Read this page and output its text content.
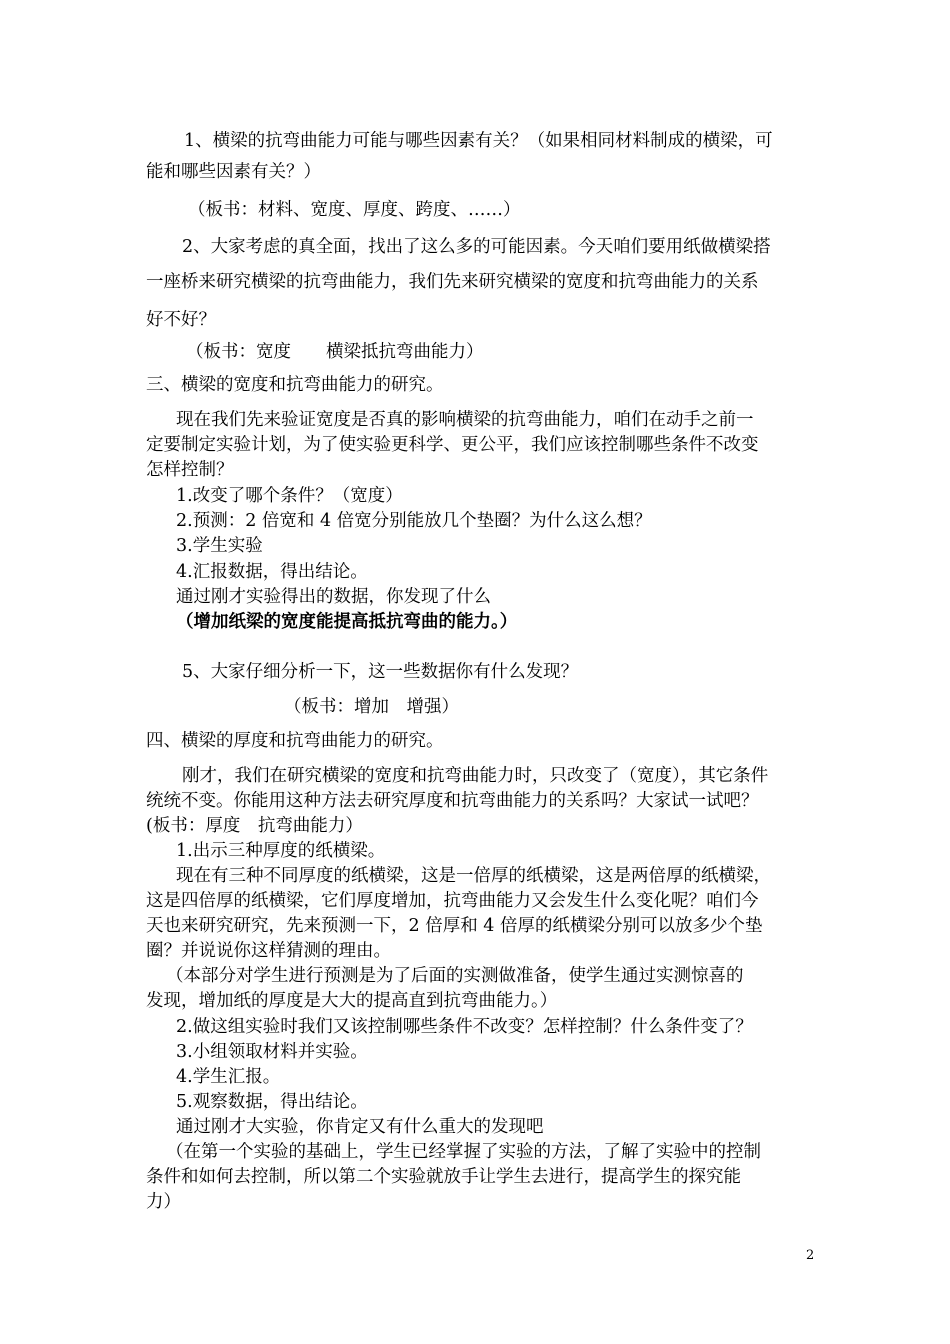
1、横梁的抗弯曲能力可能与哪些因素有关？（如果相同材料制成的横梁，可
能和哪些因素有关？）
（板书：材料、宽度、厚度、跨度、……）
2、大家考虑的真全面，找出了这么多的可能因素。今天咱们要用纸做横梁搭
一座桥来研究横梁的抗弯曲能力，我们先来研究横梁的宽度和抗弯曲能力的关系
好不好？
（板书：宽度　　横梁抵抗弯曲能力）
三、横梁的宽度和抗弯曲能力的研究。
现在我们先来验证宽度是否真的影响横梁的抗弯曲能力，咱们在动手之前一
定要制定实验计划，为了使实验更科学、更公平，我们应该控制哪些条件不改变
怎样控制？
1.改变了哪个条件？（宽度）
2.预测：2 倍宽和 4 倍宽分别能放几个垫圈？为什么这么想？
3.学生实验
4.汇报数据，得出结论。
通过刚才实验得出的数据，你发现了什么
（增加纸梁的宽度能提高抵抗弯曲的能力。）
5、大家仔细分析一下，这一些数据你有什么发现？
（板书：增加　增强）
四、横梁的厚度和抗弯曲能力的研究。
刚才，我们在研究横梁的宽度和抗弯曲能力时，只改变了（宽度），其它条件
统统不变。你能用这种方法去研究厚度和抗弯曲能力的关系吗？大家试一试吧？
(板书：厚度　抗弯曲能力）
1.出示三种厚度的纸横梁。
现在有三种不同厚度的纸横梁，这是一倍厚的纸横梁，这是两倍厚的纸横梁，
这是四倍厚的纸横梁，它们厚度增加，抗弯曲能力又会发生什么变化呢？咱们今
天也来研究研究，先来预测一下，2 倍厚和 4 倍厚的纸横梁分别可以放多少个垫
圈？并说说你这样猜测的理由。
（本部分对学生进行预测是为了后面的实测做准备，使学生通过实测惊喜的
发现，增加纸的厚度是大大的提高直到抗弯曲能力。）
2.做这组实验时我们又该控制哪些条件不改变？怎样控制？什么条件变了？
3.小组领取材料并实验。
4.学生汇报。
5.观察数据，得出结论。
通过刚才大实验，你肯定又有什么重大的发现吧
（在第一个实验的基础上，学生已经掌握了实验的方法，了解了实验中的控制
条件和如何去控制，所以第二个实验就放手让学生去进行，提高学生的探究能
力）
2
